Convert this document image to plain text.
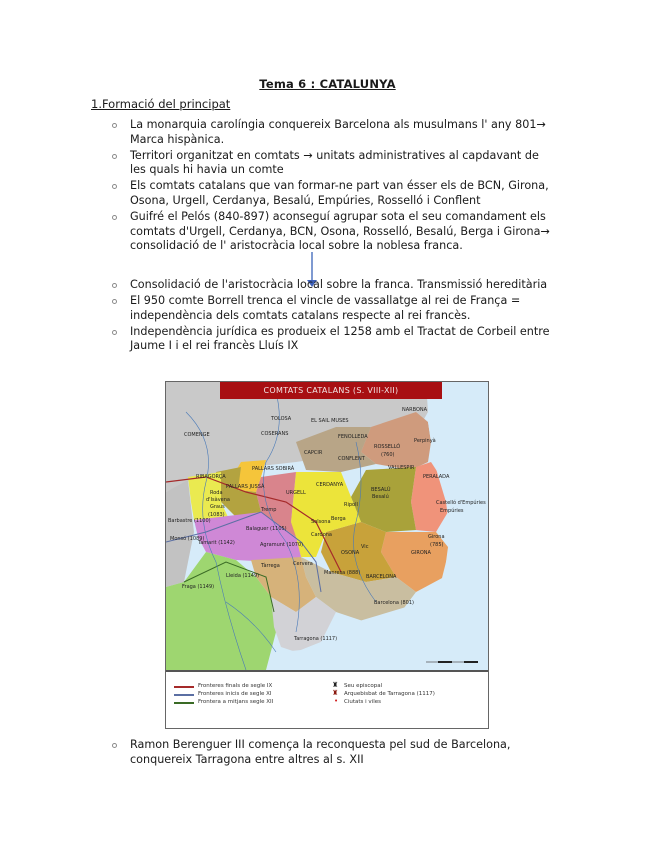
Tema 6 : CATALUNYA
1.Formació del principat
La monarquia carolíngia conquereix Barcelona als musulmans l' any 801→ Marca hispànica.
Territori organitzat en comtats → unitats administratives al capdavant de les quals hi havia un comte
Els comtats catalans que van formar-ne part van ésser els de BCN, Girona, Osona, Urgell, Cerdanya, Besalú, Empúries, Rosselló i Conflent
Guifré el Pelós (840-897) aconseguí agrupar sota el seu comandament els comtats d'Urgell, Cerdanya, BCN, Osona, Rosselló, Besalú, Berga i Girona→ consolidació de l' aristocràcia local sobre la noblesa franca.
Consolidació de l'aristocràcia local sobre la franca. Transmissió hereditària
El 950 comte Borrell trenca el vincle de vassallatge al rei de França = independència dels comtats catalans respecte al rei francès.
Independència jurídica es produeix el 1258 amb el Tractat de Corbeil entre Jaume I i el rei francès Lluís IX
COMTATS CATALANS (S. VIII-XII)
NARBONA
TOLOSA	EL SAIL MUSES
COMENGE	COSERANS	FENOLLEDA
Perpinyà
CAPCIR
ROSSELLÓ
(760)
CONFLENT
PALLARS SOBIRÀ
RIBAGORÇA
PALLARS JUSSÀ
URGELL
CERDANYA
VALLESPIR
PERALADA
BESALÚ
Besalú
Castelló d'Empúries
Empúries
Ripoll
Berga
Girona
(785)
Vic
OSONA	GIRONA
Roda
d'Isàvena
Graus
(1083)
Tremp
Solsona
Cardona
Barbastre (1100)
Monsó (1089)
Tamarit (1142)
Balaguer (1105)
Agramunt (1070)
Tàrrega	Cervera
Manresa (888)
BARCELONA
Lleida (1149)
Fraga (1149)
Barcelona (801)
Tarragona (1117)
Fronteres finals de segle IX
Fronteres inicis de segle XI
Frontera a mitjans segle XII
♜ Seu episcopal
♜ Arquebisbat de Tarragona (1117)
• Ciutats i viles
Ramon Berenguer III comença la reconquesta pel sud de Barcelona, conquereix Tarragona entre altres al s. XII
